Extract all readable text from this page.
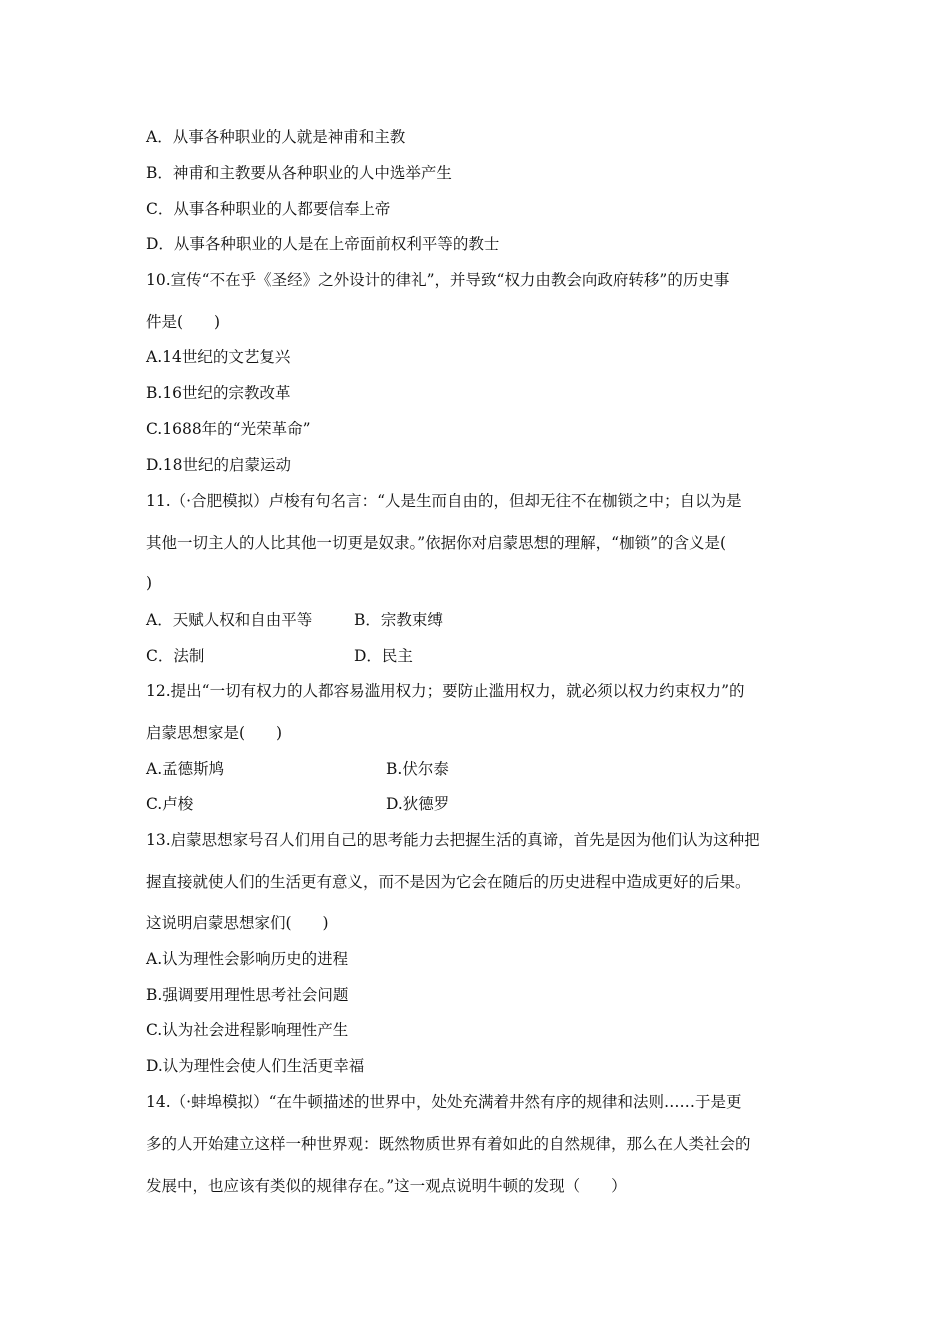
A．从事各种职业的人就是神甫和主教
B．神甫和主教要从各种职业的人中选举产生
C．从事各种职业的人都要信奉上帝
D．从事各种职业的人是在上帝面前权利平等的教士
10.宣传“不在乎《圣经》之外设计的律礼”，并导致“权力由教会向政府转移”的历史事
件是(　　)
A.14世纪的文艺复兴
B.16世纪的宗教改革
C.1688年的“光荣革命”
D.18世纪的启蒙运动
11.（·合肥模拟）卢梭有句名言：“人是生而自由的，但却无往不在枷锁之中；自以为是
其他一切主人的人比其他一切更是奴隶。”依据你对启蒙思想的理解，“枷锁”的含义是(
)
A．天赋人权和自由平等	B．宗教束缚
C．法制	D．民主
12.提出“一切有权力的人都容易滥用权力；要防止滥用权力，就必须以权力约束权力”的
启蒙思想家是(　　)
A.孟德斯鸠	B.伏尔泰
C.卢梭	D.狄德罗
13.启蒙思想家号召人们用自己的思考能力去把握生活的真谛，首先是因为他们认为这种把
握直接就使人们的生活更有意义，而不是因为它会在随后的历史进程中造成更好的后果。
这说明启蒙思想家们(　　)
A.认为理性会影响历史的进程
B.强调要用理性思考社会问题
C.认为社会进程影响理性产生
D.认为理性会使人们生活更幸福
14.（·蚌埠模拟）“在牛顿描述的世界中，处处充满着井然有序的规律和法则……于是更
多的人开始建立这样一种世界观：既然物质世界有着如此的自然规律，那么在人类社会的
发展中，也应该有类似的规律存在。”这一观点说明牛顿的发现（　　）
